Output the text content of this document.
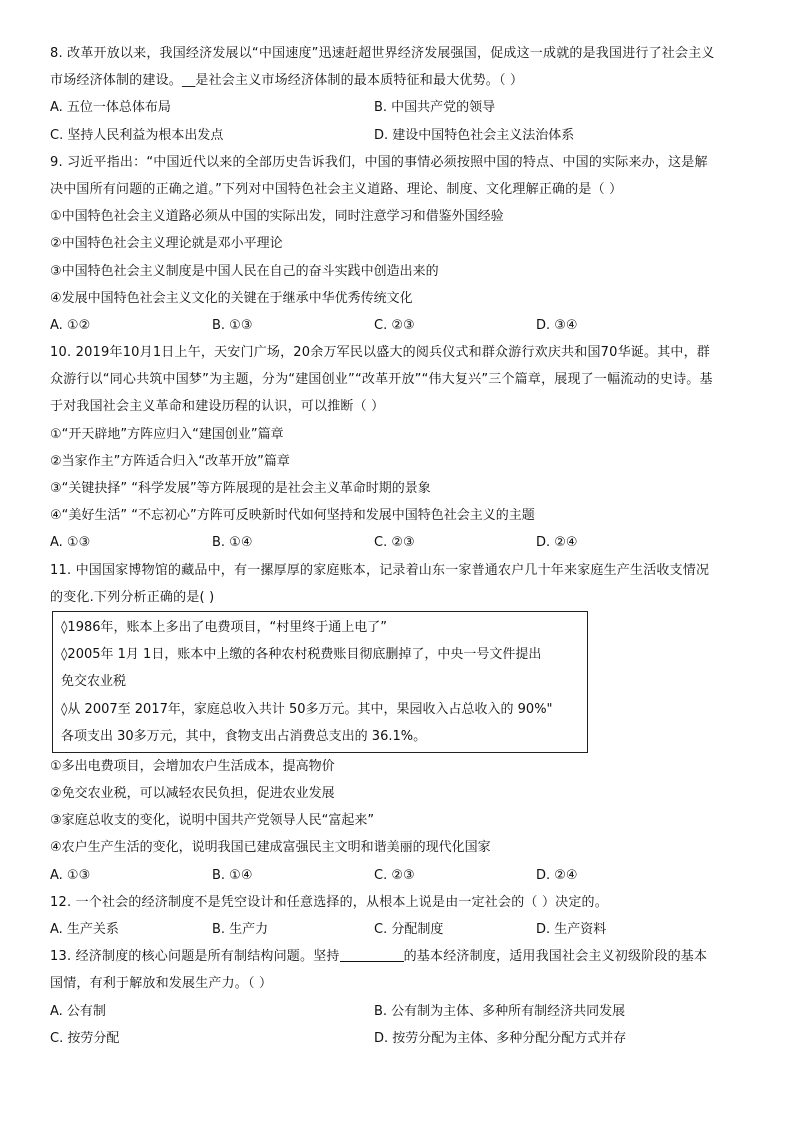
8. 改革开放以来，我国经济发展以“中国速度”迅速赶超世界经济发展强国，促成这一成就的是我国进行了社会主义
市场经济体制的建设。__是社会主义市场经济体制的最本质特征和最大优势。（ ）
A. 五位一体总体布局	B. 中国共产党的领导
C. 坚持人民利益为根本出发点	D. 建设中国特色社会主义法治体系
9. 习近平指出：“中国近代以来的全部历史告诉我们，中国的事情必须按照中国的特点、中国的实际来办，这是解
决中国所有问题的正确之道。”下列对中国特色社会主义道路、理论、制度、文化理解正确的是（ ）
①中国特色社会主义道路必须从中国的实际出发，同时注意学习和借鉴外国经验
②中国特色社会主义理论就是邓小平理论
③中国特色社会主义制度是中国人民在自己的奋斗实践中创造出来的
④发展中国特色社会主义文化的关键在于继承中华优秀传统文化
A. ①②	B. ①③	C. ②③	D. ③④
10. 2019年10月1日上午，天安门广场，20余万军民以盛大的阅兵仪式和群众游行欢庆共和国70华诞。其中，群
众游行以“同心共筑中国梦”为主题，分为“建国创业”“改革开放”“伟大复兴”三个篇章，展现了一幅流动的史诗。基
于对我国社会主义革命和建设历程的认识，可以推断（ ）
①“开天辟地”方阵应归入“建国创业”篇章
②当家作主”方阵适合归入“改革开放”篇章
③“关键抉择” “科学发展”等方阵展现的是社会主义革命时期的景象
④“美好生活” “不忘初心”方阵可反映新时代如何坚持和发展中国特色社会主义的主题
A. ①③	B. ①④	C. ②③	D. ②④
11. 中国国家博物馆的藏品中，有一摞厚厚的家庭账本，记录着山东一家普通农户几十年来家庭生产生活收支情况
的变化.下列分析正确的是( )
◊1986年，账本上多出了电费项目，“村里终于通上电了”
◊2005年 1月 1日，账本中上缴的各种农村税费账目彻底删掉了，中央一号文件提出
免交农业税
◊从 2007至 2017年，家庭总收入共计 50多万元。其中，果园收入占总收入的 90%"
各项支出 30多万元，其中，食物支出占消费总支出的 36.1%。
①多出电费项目，会增加农户生活成本，提高物价
②免交农业税，可以减轻农民负担，促进农业发展
③家庭总收支的变化，说明中国共产党领导人民“富起来”
④农户生产生活的变化，说明我国已建成富强民主文明和谐美丽的现代化国家
A. ①③	B. ①④	C. ②③	D. ②④
12. 一个社会的经济制度不是凭空设计和任意选择的，从根本上说是由一定社会的（ ）决定的。
A. 生产关系	B. 生产力	C. 分配制度	D. 生产资料
13. 经济制度的核心问题是所有制结构问题。坚持	的基本经济制度，适用我国社会主义初级阶段的基本
国情，有利于解放和发展生产力。（ ）
A. 公有制	B. 公有制为主体、多种所有制经济共同发展
C. 按劳分配	D. 按劳分配为主体、多种分配分配方式并存
